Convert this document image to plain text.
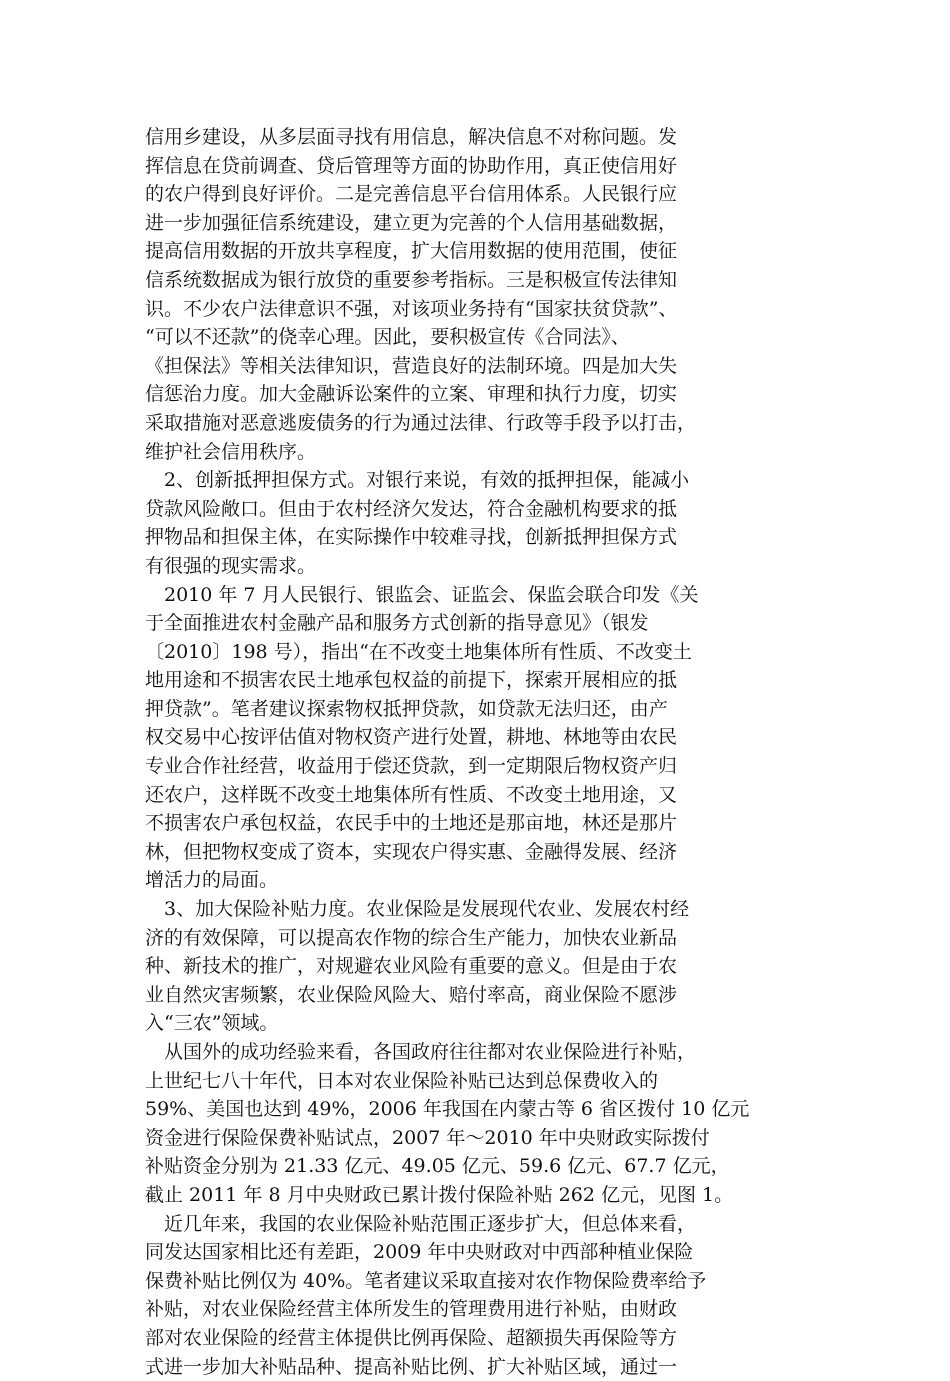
信用乡建设，从多层面寻找有用信息，解决信息不对称问题。发
挥信息在贷前调查、贷后管理等方面的协助作用，真正使信用好
的农户得到良好评价。二是完善信息平台信用体系。人民银行应
进一步加强征信系统建设，建立更为完善的个人信用基础数据，
提高信用数据的开放共享程度，扩大信用数据的使用范围，使征
信系统数据成为银行放贷的重要参考指标。三是积极宣传法律知
识。不少农户法律意识不强，对该项业务持有“国家扶贫贷款”、
“可以不还款”的侥幸心理。因此，要积极宣传《合同法》、
《担保法》等相关法律知识，营造良好的法制环境。四是加大失
信惩治力度。加大金融诉讼案件的立案、审理和执行力度，切实
采取措施对恶意逃废债务的行为通过法律、行政等手段予以打击，
维护社会信用秩序。
　2、创新抵押担保方式。对银行来说，有效的抵押担保，能减小
贷款风险敞口。但由于农村经济欠发达，符合金融机构要求的抵
押物品和担保主体，在实际操作中较难寻找，创新抵押担保方式
有很强的现实需求。
　2010 年 7 月人民银行、银监会、证监会、保监会联合印发《关
于全面推进农村金融产品和服务方式创新的指导意见》（银发
〔2010〕198 号），指出“在不改变土地集体所有性质、不改变土
地用途和不损害农民土地承包权益的前提下，探索开展相应的抵
押贷款”。笔者建议探索物权抵押贷款，如贷款无法归还，由产
权交易中心按评估值对物权资产进行处置，耕地、林地等由农民
专业合作社经营，收益用于偿还贷款，到一定期限后物权资产归
还农户，这样既不改变土地集体所有性质、不改变土地用途，又
不损害农户承包权益，农民手中的土地还是那亩地，林还是那片
林，但把物权变成了资本，实现农户得实惠、金融得发展、经济
增活力的局面。
　3、加大保险补贴力度。农业保险是发展现代农业、发展农村经
济的有效保障，可以提高农作物的综合生产能力，加快农业新品
种、新技术的推广，对规避农业风险有重要的意义。但是由于农
业自然灾害频繁，农业保险风险大、赔付率高，商业保险不愿涉
入“三农”领域。
　从国外的成功经验来看，各国政府往往都对农业保险进行补贴，
上世纪七八十年代，日本对农业保险补贴已达到总保费收入的
59%、美国也达到 49%，2006 年我国在内蒙古等 6 省区拨付 10 亿元
资金进行保险保费补贴试点，2007 年～2010 年中央财政实际拨付
补贴资金分别为 21.33 亿元、49.05 亿元、59.6 亿元、67.7 亿元，
截止 2011 年 8 月中央财政已累计拨付保险补贴 262 亿元，见图 1。
　近几年来，我国的农业保险补贴范围正逐步扩大，但总体来看，
同发达国家相比还有差距，2009 年中央财政对中西部种植业保险
保费补贴比例仅为 40%。笔者建议采取直接对农作物保险费率给予
补贴，对农业保险经营主体所发生的管理费用进行补贴，由财政
部对农业保险的经营主体提供比例再保险、超额损失再保险等方
式进一步加大补贴品种、提高补贴比例、扩大补贴区域，通过一
